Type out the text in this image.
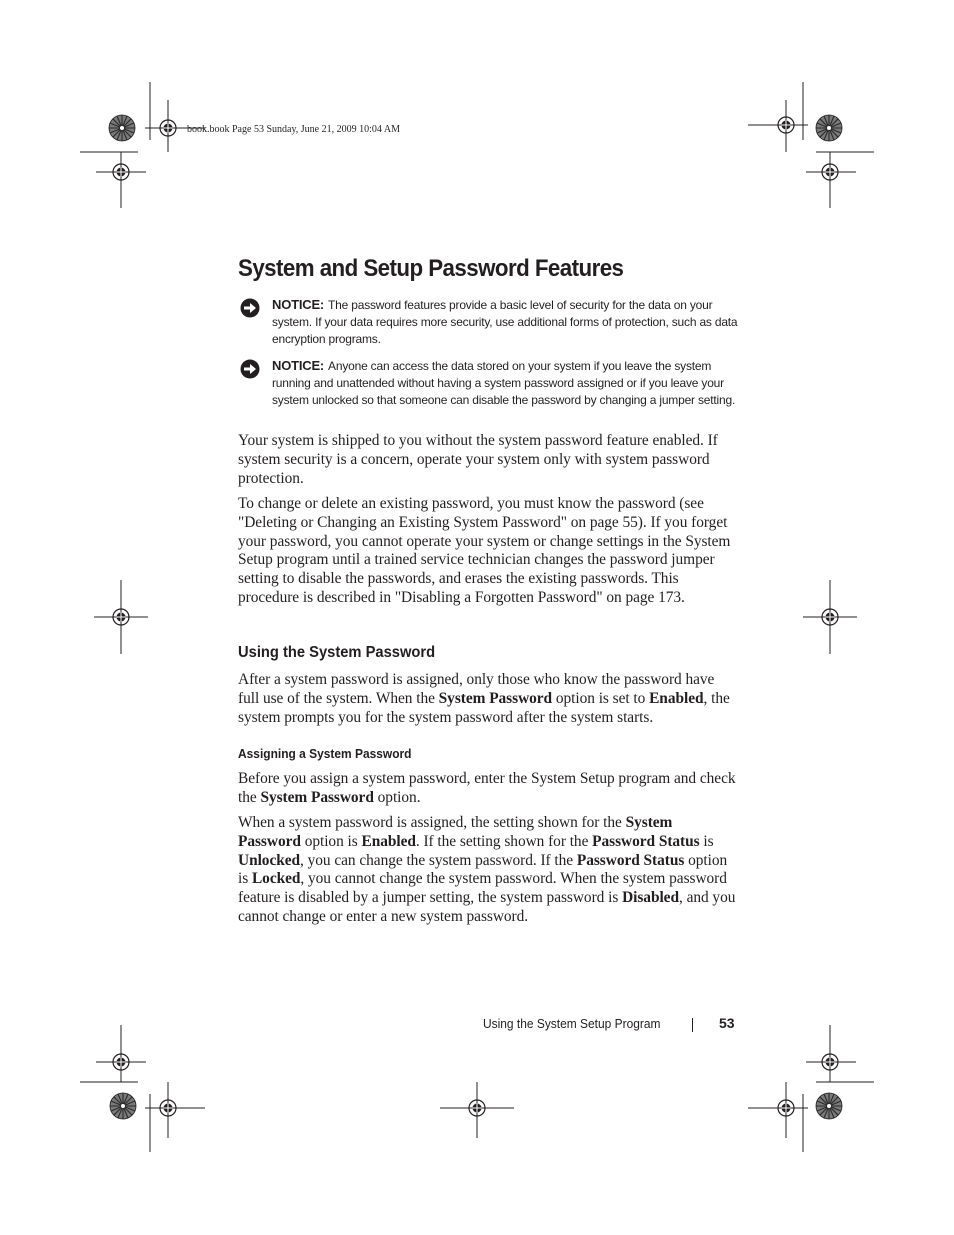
book.book Page 53 Sunday, June 21, 2009 10:04 AM
System and Setup Password Features
NOTICE: The password features provide a basic level of security for the data on your system. If your data requires more security, use additional forms of protection, such as data encryption programs.
NOTICE: Anyone can access the data stored on your system if you leave the system running and unattended without having a system password assigned or if you leave your system unlocked so that someone can disable the password by changing a jumper setting.

Your system is shipped to you without the system password feature enabled. If system security is a concern, operate your system only with system password protection.

To change or delete an existing password, you must know the password (see "Deleting or Changing an Existing System Password" on page 55). If you forget your password, you cannot operate your system or change settings in the System Setup program until a trained service technician changes the password jumper setting to disable the passwords, and erases the existing passwords. This procedure is described in "Disabling a Forgotten Password" on page 173.

Using the System Password

After a system password is assigned, only those who know the password have full use of the system. When the System Password option is set to Enabled, the system prompts you for the system password after the system starts.

Assigning a System Password

Before you assign a system password, enter the System Setup program and check the System Password option.

When a system password is assigned, the setting shown for the System Password option is Enabled. If the setting shown for the Password Status is Unlocked, you can change the system password. If the Password Status option is Locked, you cannot change the system password. When the system password feature is disabled by a jumper setting, the system password is Disabled, and you cannot change or enter a new system password.

Using the System Setup Program	53
